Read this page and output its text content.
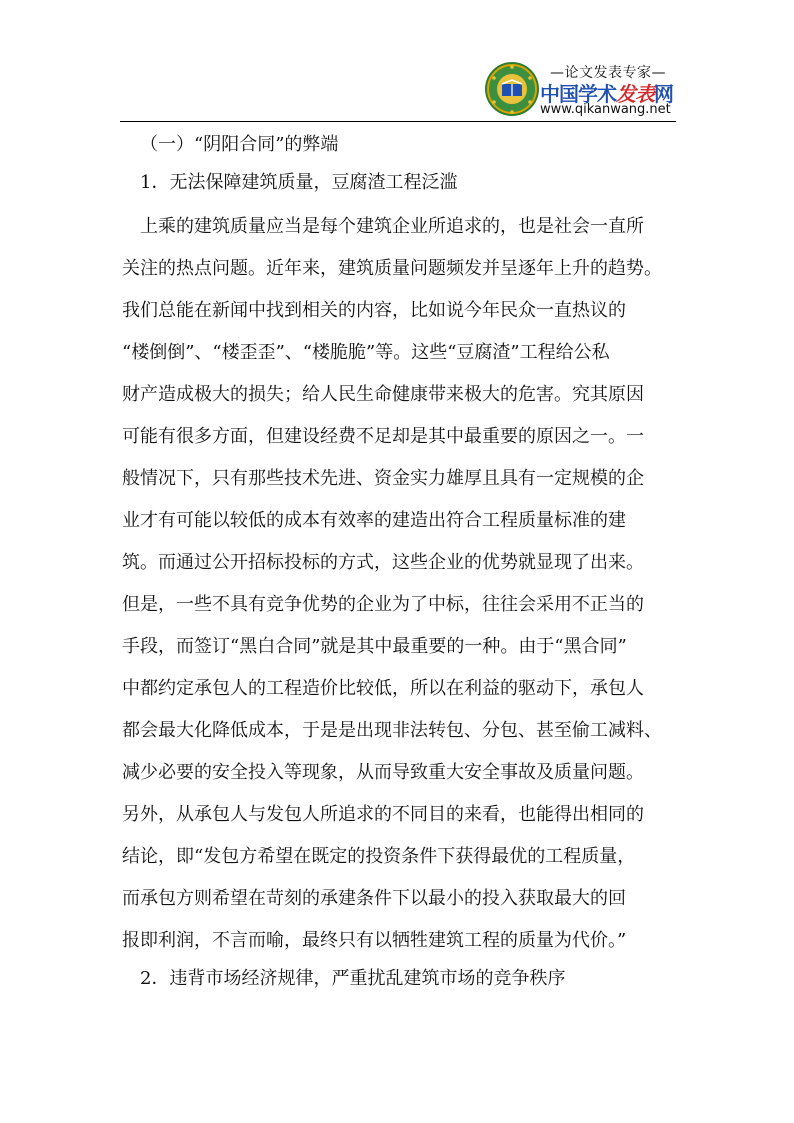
—论文发表专家—
中国学术发表网
www.qikanwang.net
（一）“阴阳合同”的弊端
1．无法保障建筑质量，豆腐渣工程泛滥
上乘的建筑质量应当是每个建筑企业所追求的，也是社会一直所
关注的热点问题。近年来，建筑质量问题频发并呈逐年上升的趋势。
我们总能在新闻中找到相关的内容，比如说今年民众一直热议的
“楼倒倒”、“楼歪歪”、“楼脆脆”等。这些“豆腐渣”工程给公私
财产造成极大的损失；给人民生命健康带来极大的危害。究其原因
可能有很多方面，但建设经费不足却是其中最重要的原因之一。一
般情况下，只有那些技术先进、资金实力雄厚且具有一定规模的企
业才有可能以较低的成本有效率的建造出符合工程质量标准的建
筑。而通过公开招标投标的方式，这些企业的优势就显现了出来。
但是，一些不具有竞争优势的企业为了中标，往往会采用不正当的
手段，而签订“黑白合同”就是其中最重要的一种。由于“黑合同”
中都约定承包人的工程造价比较低，所以在利益的驱动下，承包人
都会最大化降低成本，于是是出现非法转包、分包、甚至偷工减料、
减少必要的安全投入等现象，从而导致重大安全事故及质量问题。
另外，从承包人与发包人所追求的不同目的来看，也能得出相同的
结论，即“发包方希望在既定的投资条件下获得最优的工程质量，
而承包方则希望在苛刻的承建条件下以最小的投入获取最大的回
报即利润，不言而喻，最终只有以牺牲建筑工程的质量为代价。”
2．违背市场经济规律，严重扰乱建筑市场的竞争秩序
